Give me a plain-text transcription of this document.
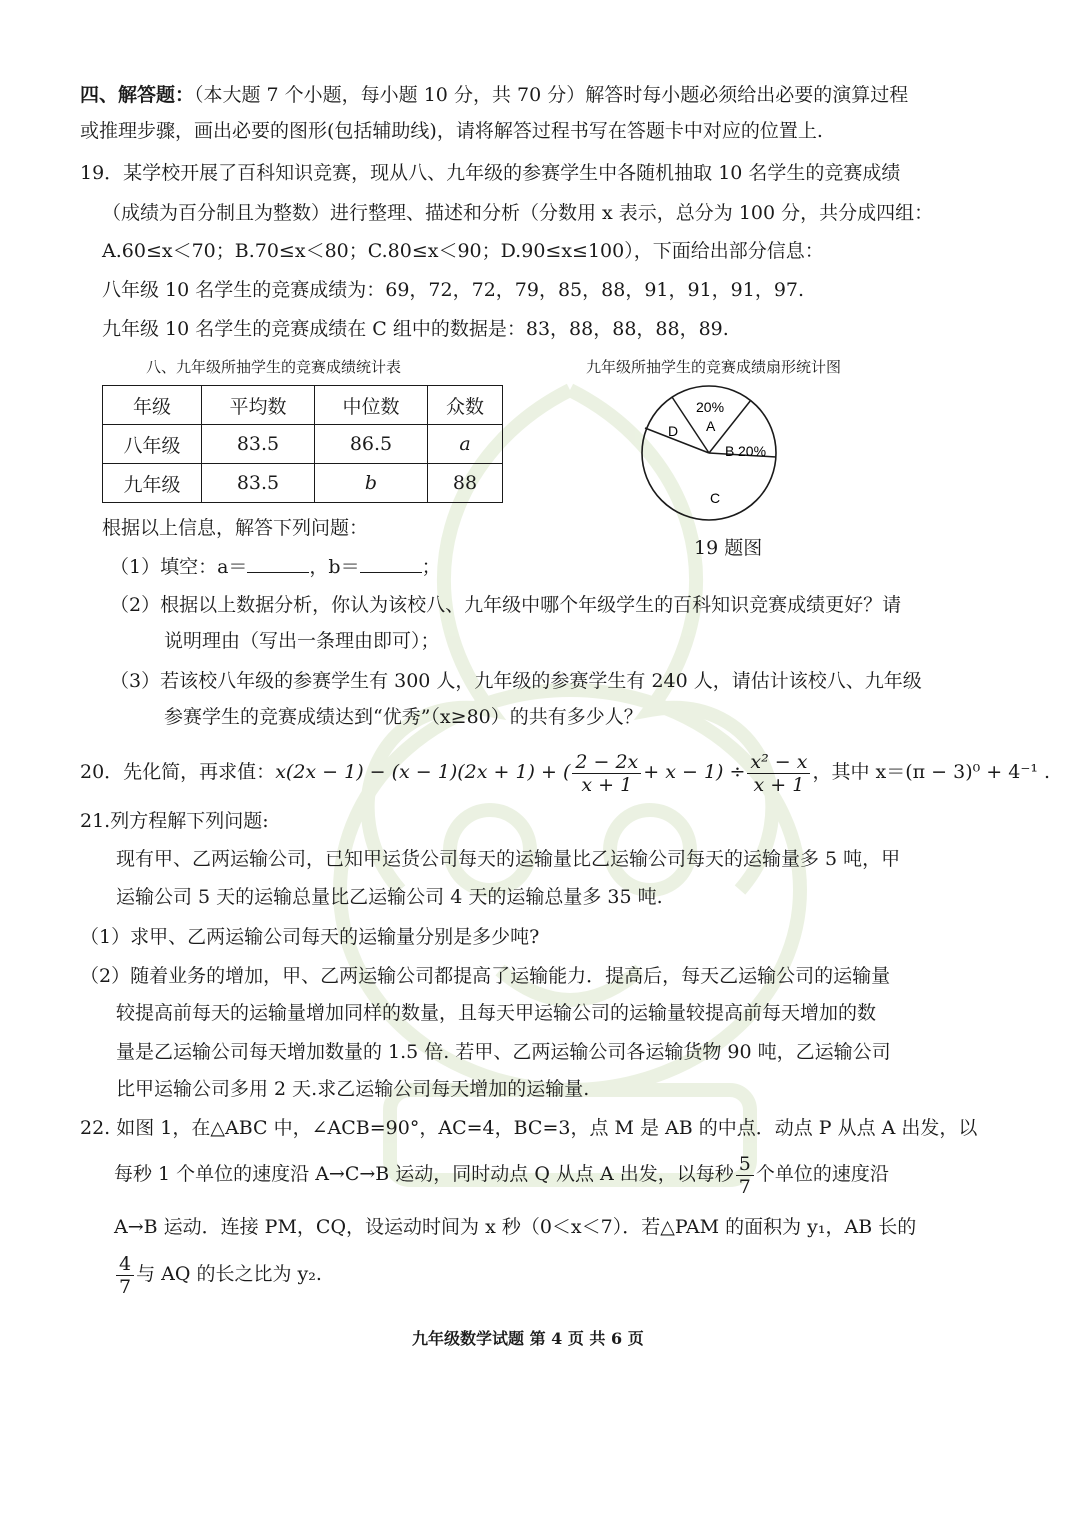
四、解答题：（本大题 7 个小题，每小题 10 分，共 70 分）解答时每小题必须给出必要的演算过程
或推理步骤，画出必要的图形(包括辅助线)，请将解答过程书写在答题卡中对应的位置上.
19．某学校开展了百科知识竞赛，现从八、九年级的参赛学生中各随机抽取 10 名学生的竞赛成绩
（成绩为百分制且为整数）进行整理、描述和分析（分数用 x 表示，总分为 100 分，共分成四组：
A.60≤x＜70；B.70≤x＜80；C.80≤x＜90；D.90≤x≤100），下面给出部分信息：
八年级 10 名学生的竞赛成绩为：69，72，72，79，85，88，91，91，91，97.
九年级 10 名学生的竞赛成绩在 C 组中的数据是：83，88，88，88，89.
八、九年级所抽学生的竞赛成绩统计表	九年级所抽学生的竞赛成绩扇形统计图
年级	平均数	中位数	众数
八年级	83.5	86.5	a
九年级	83.5	b	88
20%
A
B 20%
C
D
19 题图
根据以上信息，解答下列问题：
（1）填空：a＝	，b＝	；
（2）根据以上数据分析，你认为该校八、九年级中哪个年级学生的百科知识竞赛成绩更好？请
说明理由（写出一条理由即可）；
（3）若该校八年级的参赛学生有 300 人，九年级的参赛学生有 240 人，请估计该校八、九年级
参赛学生的竞赛成绩达到“优秀”（x≥80）的共有多少人？
20．先化简，再求值：x(2x − 1) − (x − 1)(2x + 1) + ( $\frac{2 - 2x}{x + 1} + x - 1) \div \frac{\text{x² − x}}{x + 1}$ ，其中 x＝(π − 3)⁰ + 4⁻¹ .
21.列方程解下列问题:
现有甲、乙两运输公司，已知甲运货公司每天的运输量比乙运输公司每天的运输量多 5 吨，甲
运输公司 5 天的运输总量比乙运输公司 4 天的运输总量多 35 吨.
（1）求甲、乙两运输公司每天的运输量分别是多少吨?
（2）随着业务的增加，甲、乙两运输公司都提高了运输能力．提高后，每天乙运输公司的运输量
较提高前每天的运输量增加同样的数量，且每天甲运输公司的运输量较提高前每天增加的数
量是乙运输公司每天增加数量的 1.5 倍. 若甲、乙两运输公司各运输货物 90 吨，乙运输公司
比甲运输公司多用 2 天.求乙运输公司每天增加的运输量.
22. 如图 1，在△ABC 中，∠ACB=90°，AC=4，BC=3，点 M 是 AB 的中点．动点 P 从点 A 出发，以
每秒 1 个单位的速度沿 A→C→B 运动，同时动点 Q 从点 A 出发，以每秒 $\frac{5}{7}$ 个单位的速度沿
A→B 运动．连接 PM，CQ，设运动时间为 x 秒（0＜x＜7）．若△PAM 的面积为 y₁，AB 长的
$\frac{4}{7}$ 与 AQ 的长之比为 y₂.
九年级数学试题 第 4 页 共 6 页
